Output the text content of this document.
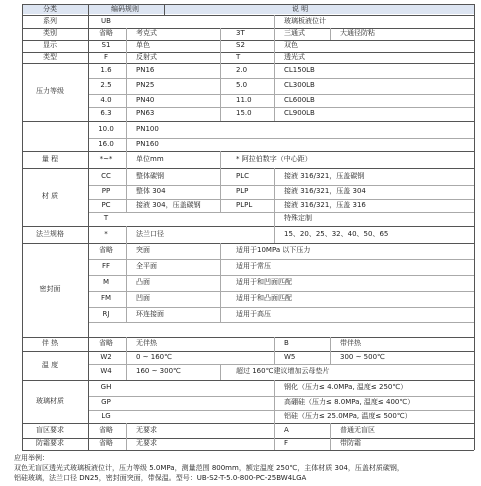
分类	编码规则	说 明
系列	UB	玻璃板液位计
类别	省略	考克式	3T	三通式	大通径防粘
显示	S1	单色	S2	双色
类型	F	反射式	T	透光式
压力等级
1.6	PN16	2.0	CL150LB
2.5	PN25	5.0	CL300LB
4.0	PN40	11.0	CL600LB
6.3	PN63	15.0	CL900LB
10.0	PN100
16.0	PN160
量 程	*~*	单位mm	* 阿拉伯数字（中心距）
材 质
CC	整体碳钢	PLC	接液 316/321，压盖碳钢
PP	整体 304	PLP	接液 316/321，压盖 304
PC	接液 304，压盖碳钢	PLPL	接液 316/321，压盖 316
T	特殊定制
法兰规格	*	法兰口径	15、20、25、32、40、50、65
密封面
省略	突面	适用于10MPa 以下压力
FF	全平面	适用于常压
M	凸面	适用于和凹面匹配
FM	凹面	适用于和凸面匹配
RJ	环连接面	适用于高压
伴 热	省略	无伴热	B	带伴热
温 度
W2	0 ~ 160℃	W5	300 ~ 500℃
W4	160 ~ 300℃	超过 160℃建议增加云母垫片
玻璃材质
GH	钢化（压力≤ 4.0MPa, 温度≤ 250℃）
GP	高硼硅（压力≤ 8.0MPa, 温度≤ 400℃）
LG	铝硅（压力≤ 25.0MPa, 温度≤ 500℃）
盲区要求	省略	无要求	A	普通无盲区
防霜要求	省略	无要求	F	带防霜
应用举例：
双色无盲区透光式玻璃板液位计，压力等级 5.0MPa，测量范围 800mm，额定温度 250℃，主体材质 304，压盖材质碳钢，
铝硅玻璃，法兰口径 DN25，密封面突面，带保温。型号：UB-S2-T-5.0-800-PC-25BW4LGA
